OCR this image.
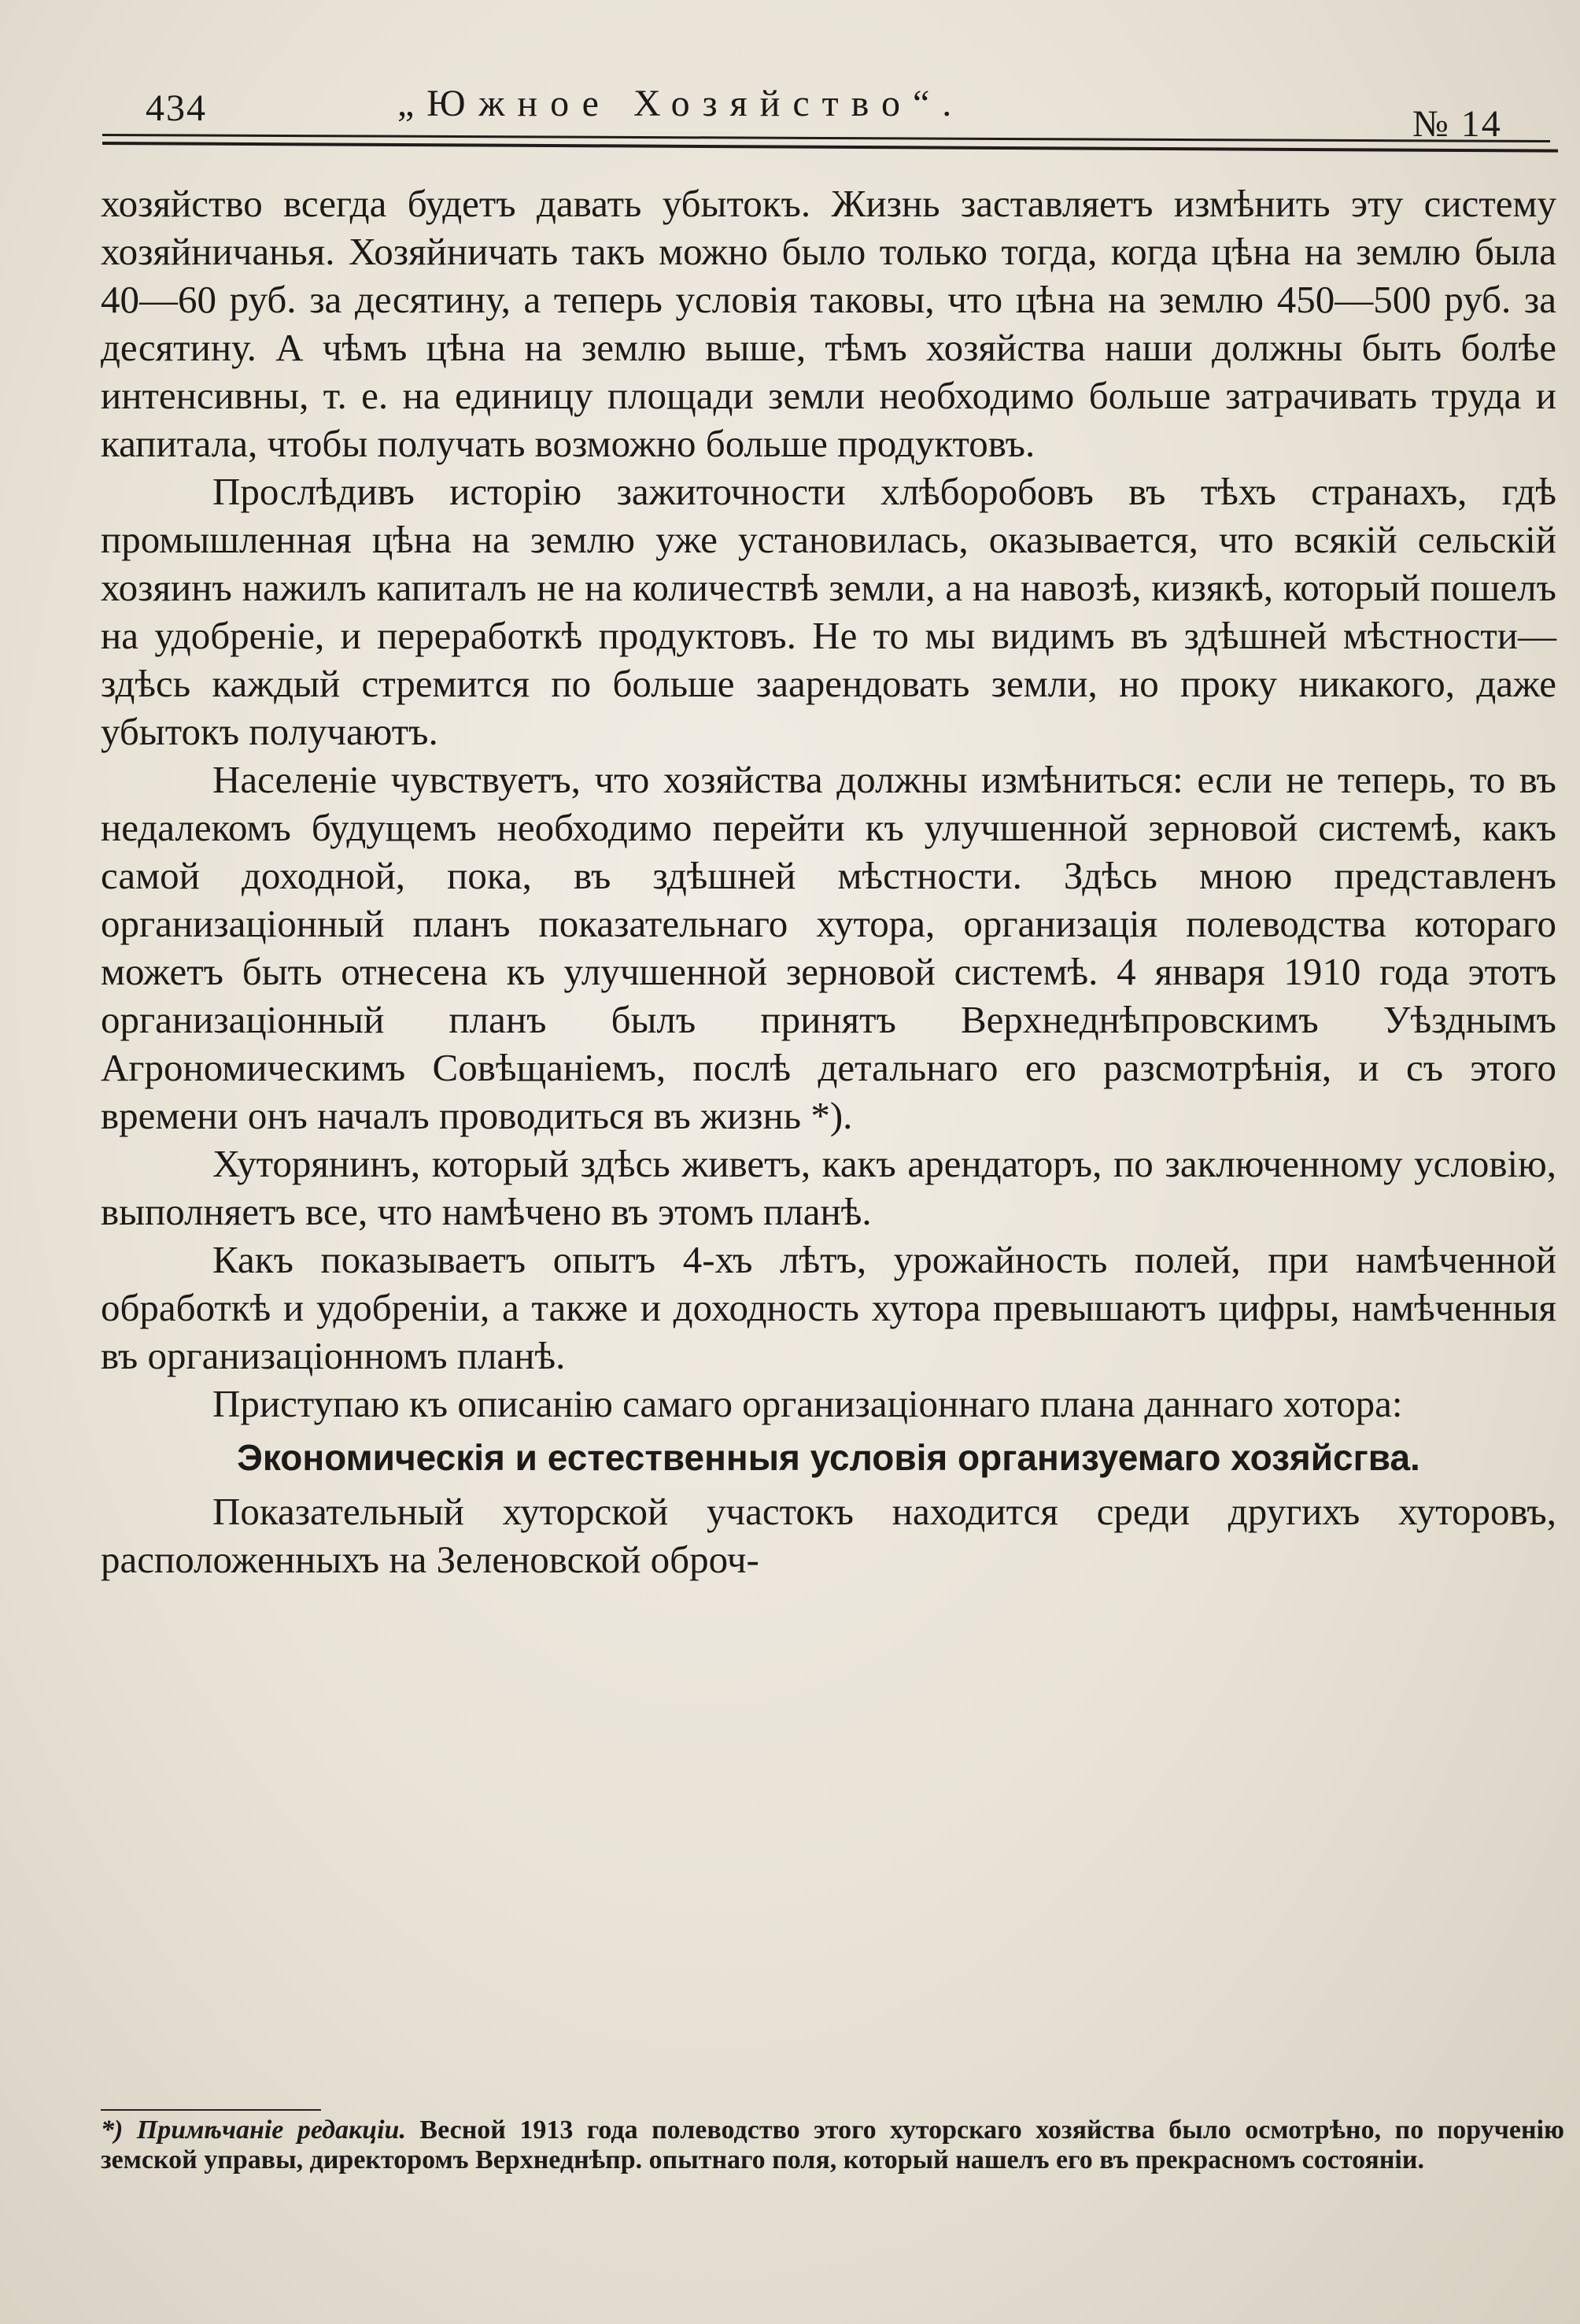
434	„Южное Хозяйство“.	№ 14

хозяйство всегда будетъ давать убытокъ. Жизнь заставляетъ измѣнить эту систему хозяйничанья. Хозяйничать такъ можно было только тогда, когда цѣна на землю была 40—60 руб. за десятину, а теперь условія таковы, что цѣна на землю 450—500 руб. за десятину. А чѣмъ цѣна на землю выше, тѣмъ хозяйства наши должны быть болѣе интенсивны, т. е. на единицу площади земли необходимо больше затрачивать труда и капитала, чтобы получать возможно больше продуктовъ.

Прослѣдивъ исторію зажиточности хлѣборобовъ въ тѣхъ странахъ, гдѣ промышленная цѣна на землю уже установилась, оказывается, что всякій сельскій хозяинъ нажилъ капиталъ не на количествѣ земли, а на навозѣ, кизякѣ, который пошелъ на удобреніе, и переработкѣ продуктовъ. Не то мы видимъ въ здѣшней мѣстности—здѣсь каждый стремится по больше заарендовать земли, но проку никакого, даже убытокъ получаютъ.

Населеніе чувствуетъ, что хозяйства должны измѣниться: если не теперь, то въ недалекомъ будущемъ необходимо перейти къ улучшенной зерновой системѣ, какъ самой доходной, пока, въ здѣшней мѣстности. Здѣсь мною представленъ организаціонный планъ показательнаго хутора, организація полеводства котораго можетъ быть отнесена къ улучшенной зерновой системѣ. 4 января 1910 года этотъ организаціонный планъ былъ принятъ Верхнеднѣпровскимъ Уѣзднымъ Агрономическимъ Совѣщаніемъ, послѣ детальнаго его разсмотрѣнія, и съ этого времени онъ началъ проводиться въ жизнь *).

Хуторянинъ, который здѣсь живетъ, какъ арендаторъ, по заключенному условію, выполняетъ все, что намѣчено въ этомъ планѣ.

Какъ показываетъ опытъ 4-хъ лѣтъ, урожайность полей, при намѣченной обработкѣ и удобреніи, а также и доходность хутора превышаютъ цифры, намѣченныя въ организаціонномъ планѣ.

Приступаю къ описанію самаго организаціоннаго плана даннаго хотора:

Экономическія и естественныя условія организуемаго хозяйсгва.

Показательный хуторской участокъ находится среди другихъ хуторовъ, расположенныхъ на Зеленовской оброч-

*) Примѣчаніе редакціи. Весной 1913 года полеводство этого хуторскаго хозяйства было осмотрѣно, по порученію земской управы, директоромъ Верхнеднѣпр. опытнаго поля, который нашелъ его въ прекрасномъ состояніи.
